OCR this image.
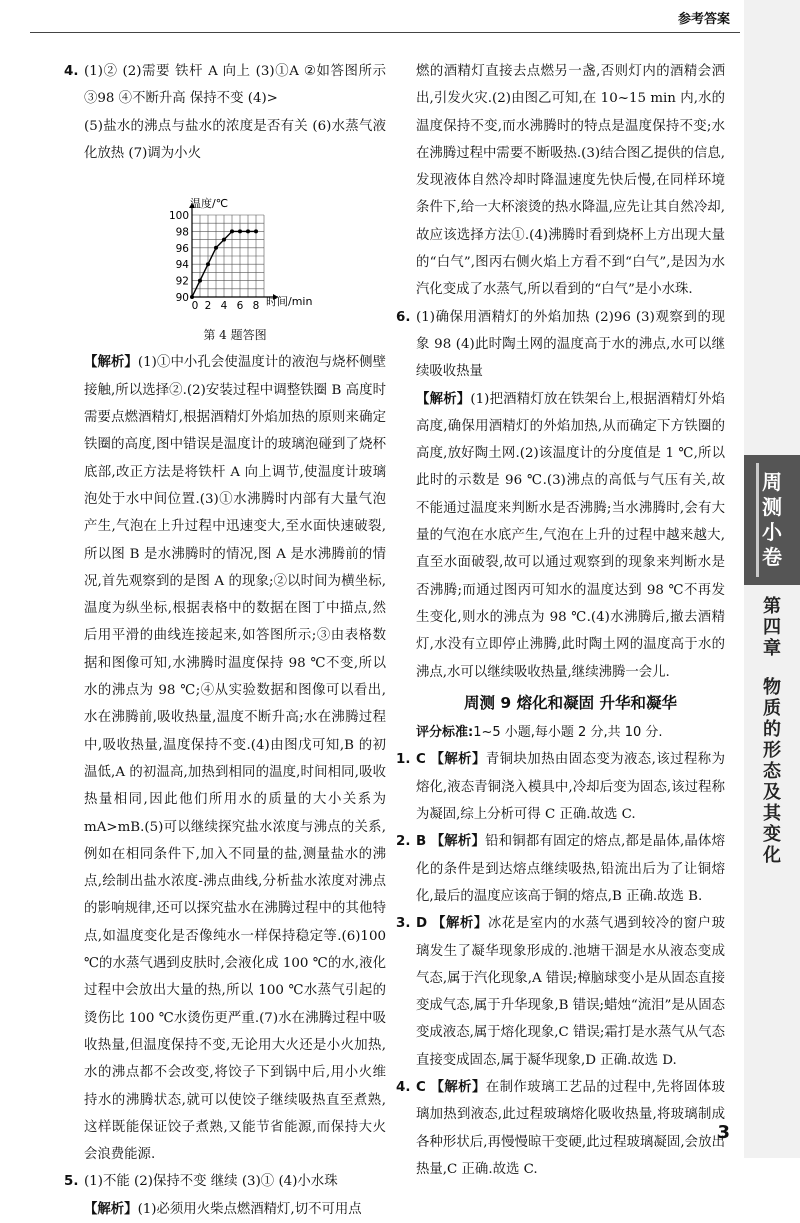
参考答案
周
测
小
卷
第
四
章
物
质
的
形
态
及
其
变
化

4. (1)② (2)需要 铁杆 A 向上 (3)①A ②如答图所示 ③98 ④不断升高 保持不变 (4)>

(5)盐水的沸点与盐水的浓度是否有关 (6)水蒸气液化放热 (7)调为小火

温度/℃
时间/min
90
92
94
96
98
100
0 2 4 6 8
第 4 题答图

【解析】(1)①中小孔会使温度计的液泡与烧杯侧壁接触,所以选择②.(2)安装过程中调整铁圈 B 高度时需要点燃酒精灯,根据酒精灯外焰加热的原则来确定铁圈的高度,图中错误是温度计的玻璃泡碰到了烧杯底部,改正方法是将铁杆 A 向上调节,使温度计玻璃泡处于水中间位置.(3)①水沸腾时内部有大量气泡产生,气泡在上升过程中迅速变大,至水面快速破裂,所以图 B 是水沸腾时的情况,图 A 是水沸腾前的情况,首先观察到的是图 A 的现象;②以时间为横坐标,温度为纵坐标,根据表格中的数据在图丁中描点,然后用平滑的曲线连接起来,如答图所示;③由表格数据和图像可知,水沸腾时温度保持 98 ℃不变,所以水的沸点为 98 ℃;④从实验数据和图像可以看出,水在沸腾前,吸收热量,温度不断升高;水在沸腾过程中,吸收热量,温度保持不变.(4)由图戊可知,B 的初温低,A 的初温高,加热到相同的温度,时间相同,吸收热量相同,因此他们所用水的质量的大小关系为 mA>mB.(5)可以继续探究盐水浓度与沸点的关系,例如在相同条件下,加入不同量的盐,测量盐水的沸点,绘制出盐水浓度-沸点曲线,分析盐水浓度对沸点的影响规律,还可以探究盐水在沸腾过程中的其他特点,如温度变化是否像纯水一样保持稳定等.(6)100 ℃的水蒸气遇到皮肤时,会液化成 100 ℃的水,液化过程中会放出大量的热,所以 100 ℃水蒸气引起的烫伤比 100 ℃水烫伤更严重.(7)水在沸腾过程中吸收热量,但温度保持不变,无论用大火还是小火加热,水的沸点都不会改变,将饺子下到锅中后,用小火维持水的沸腾状态,就可以使饺子继续吸热直至煮熟,这样既能保证饺子煮熟,又能节省能源,而保持大火会浪费能源.

5. (1)不能 (2)保持不变 继续 (3)① (4)小水珠

【解析】(1)必须用火柴点燃酒精灯,切不可用点

燃的酒精灯直接去点燃另一盏,否则灯内的酒精会洒出,引发火灾.(2)由图乙可知,在 10~15 min 内,水的温度保持不变,而水沸腾时的特点是温度保持不变;水在沸腾过程中需要不断吸热.(3)结合图乙提供的信息,发现液体自然冷却时降温速度先快后慢,在同样环境条件下,给一大杯滚烫的热水降温,应先让其自然冷却,故应该选择方法①.(4)沸腾时看到烧杯上方出现大量的“白气”,图丙右侧火焰上方看不到“白气”,是因为水汽化变成了水蒸气,所以看到的“白气”是小水珠.

6. (1)确保用酒精灯的外焰加热 (2)96 (3)观察到的现象 98 (4)此时陶土网的温度高于水的沸点,水可以继续吸收热量

【解析】(1)把酒精灯放在铁架台上,根据酒精灯外焰高度,确保用酒精灯的外焰加热,从而确定下方铁圈的高度,放好陶土网.(2)该温度计的分度值是 1 ℃,所以此时的示数是 96 ℃.(3)沸点的高低与气压有关,故不能通过温度来判断水是否沸腾;当水沸腾时,会有大量的气泡在水底产生,气泡在上升的过程中越来越大,直至水面破裂,故可以通过观察到的现象来判断水是否沸腾;而通过图丙可知水的温度达到 98 ℃不再发生变化,则水的沸点为 98 ℃.(4)水沸腾后,撤去酒精灯,水没有立即停止沸腾,此时陶土网的温度高于水的沸点,水可以继续吸收热量,继续沸腾一会儿.

周测 9 熔化和凝固 升华和凝华

评分标准:1~5 小题,每小题 2 分,共 10 分.

1. C 【解析】青铜块加热由固态变为液态,该过程称为熔化,液态青铜浇入模具中,冷却后变为固态,该过程称为凝固,综上分析可得 C 正确.故选 C.

2. B 【解析】铅和铜都有固定的熔点,都是晶体,晶体熔化的条件是到达熔点继续吸热,铅流出后为了让铜熔化,最后的温度应该高于铜的熔点,B 正确.故选 B.

3. D 【解析】冰花是室内的水蒸气遇到较冷的窗户玻璃发生了凝华现象形成的.池塘干涸是水从液态变成气态,属于汽化现象,A 错误;樟脑球变小是从固态直接变成气态,属于升华现象,B 错误;蜡烛“流泪”是从固态变成液态,属于熔化现象,C 错误;霜打是水蒸气从气态直接变成固态,属于凝华现象,D 正确.故选 D.

4. C 【解析】在制作玻璃工艺品的过程中,先将固体玻璃加热到液态,此过程玻璃熔化吸收热量,将玻璃制成各种形状后,再慢慢晾干变硬,此过程玻璃凝固,会放出热量,C 正确.故选 C.

3
